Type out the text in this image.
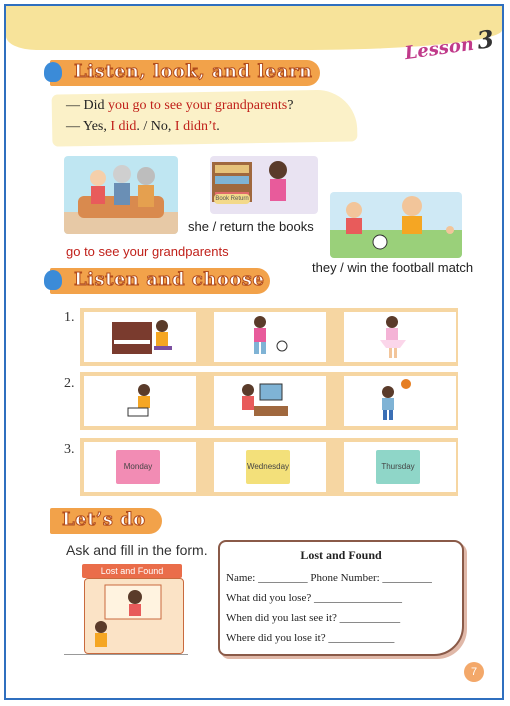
Lesson3
Listen, look, and learn
— Did you go to see your grandparents?
— Yes, I did. / No, I didn’t.
Book Return
she / return the books
go to see your grandparents
they / win the football match
Listen and choose
1.
2.
3.
Monday	Wednesday	Thursday
Let’s do
Ask and fill in the form.
Lost and Found
Lost and Found
Name: _________ Phone Number: _________
What did you lose? ________________
When did you last see it? ___________
Where did you lose it? ____________
7
